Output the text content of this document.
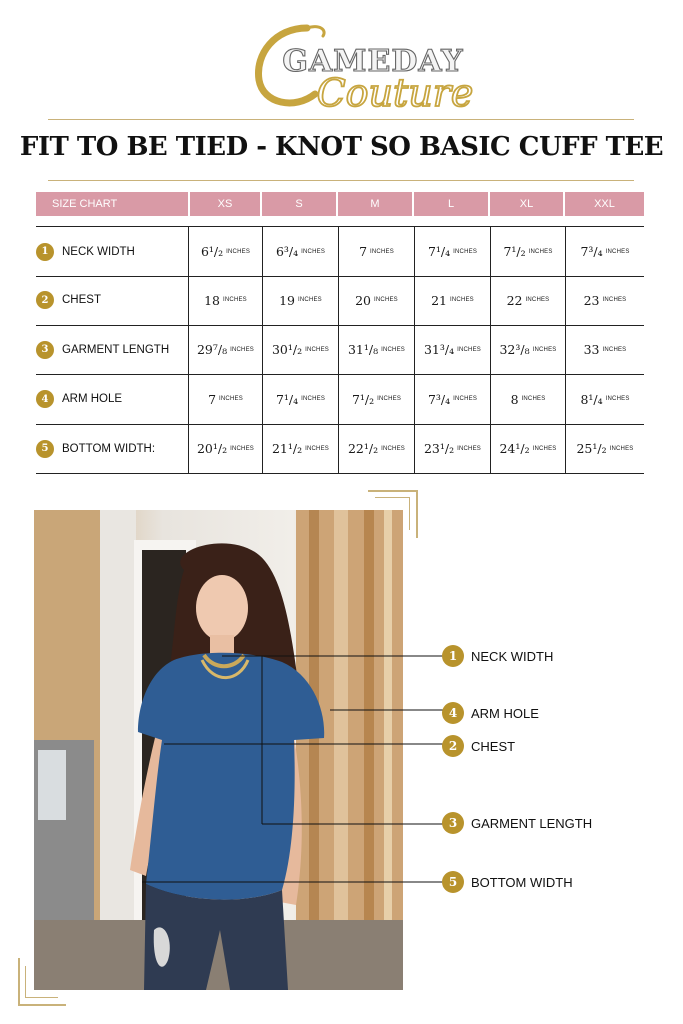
GAMEDAY
Couture
FIT TO BE TIED - KNOT SO BASIC CUFF TEE
SIZE CHART	XS	S	M	L	XL	XXL
1	NECK WIDTH	6¹/₂ INCHES 6³/₄ INCHES	7 INCHES	7¹/₄ INCHES 7¹/₂ INCHES 7³/₄ INCHES
2	CHEST	18 INCHES	19 INCHES	20 INCHES	21 INCHES	22 INCHES	23 INCHES
3	GARMENT LENGTH 29⁷/₈ INCHES 30¹/₂ INCHES 31¹/₈ INCHES 31³/₄ INCHES 32³/₈ INCHES 33 INCHES
4	ARM HOLE	7 INCHES	7¹/₄ INCHES 7¹/₂ INCHES 7³/₄ INCHES	8 INCHES	8¹/₄ INCHES
5	BOTTOM WIDTH:	20¹/₂ INCHES 21¹/₂ INCHES 22¹/₂ INCHES 23¹/₂ INCHES 24¹/₂ INCHES 25¹/₂ INCHES
1	NECK WIDTH
4	ARM HOLE
2	CHEST
3	GARMENT LENGTH
5	BOTTOM WIDTH
